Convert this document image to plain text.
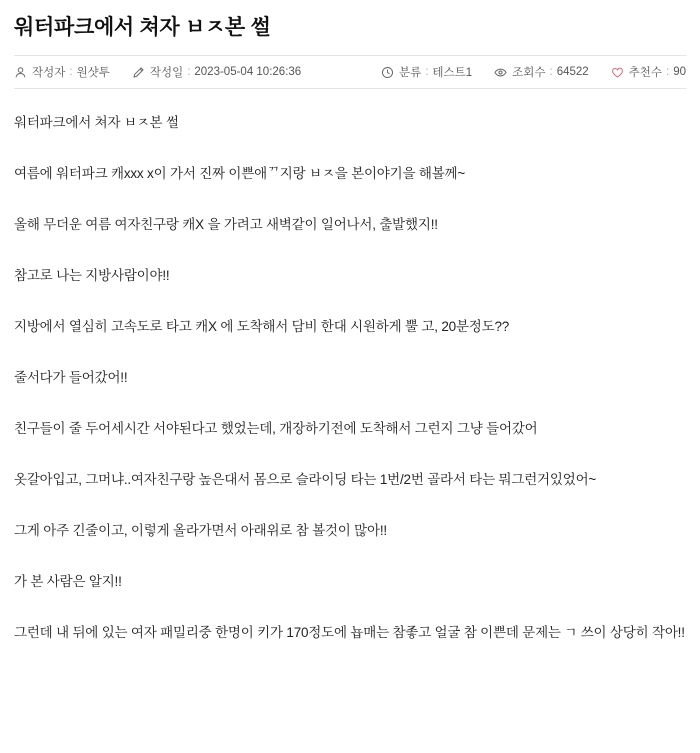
워터파크에서 쳐자 ㅂㅈ본 썰
작성자 : 원샷투	작성일 : 2023-05-04 10:26:36	분류 : 테스트1	조회수 : 64522	추천수 : 90

워터파크에서 쳐자 ㅂㅈ본 썰

여름에 워터파크 캐xxx x이 가서 진짜 이쁜애ᄁ지랑 ㅂㅈ을 본이야기을 해볼께~

올해 무더운 여름 여자친구랑 캐X 을 가려고 새벽같이 일어나서, 출발했지!!

참고로 나는 지방사람이야!!

지방에서 열심히 고속도로 타고 캐X 에 도착해서 담비 한대 시원하게 뿔 고, 20분정도??

줄서다가 들어갔어!!

친구들이 줄 두어세시간 서야된다고 했었는데, 개장하기전에 도착해서 그런지 그냥 들어갔어

옷갈아입고, 그머냐..여자친구랑 높은대서 몸으로 슬라이딩 타는 1번/2번 골라서 타는 뭐그런거있었어~

그게 아주 긴줄이고, 이렇게 올라가면서 아래위로 참 볼것이 많아!!

가 본 사람은 알지!!

그런데 내 뒤에 있는 여자 패밀리중 한명이 키가 170정도에 뇹매는 참좋고 얼굴 참 이쁜데 문제는 ㄱ 쓰이 상당히 작아!!
